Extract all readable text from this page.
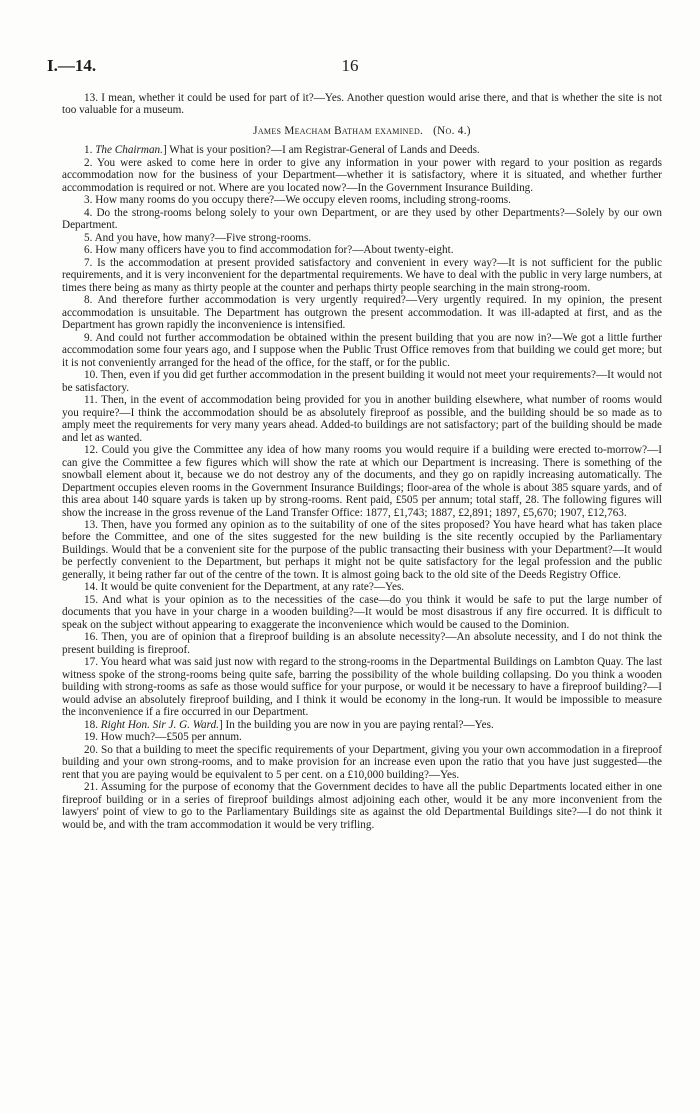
I.—14.	16

13. I mean, whether it could be used for part of it?—Yes. Another question would arise there, and that is whether the site is not too valuable for a museum.

James Meacham Batham examined. (No. 4.)

1. The Chairman.] What is your position?—I am Registrar-General of Lands and Deeds.

2. You were asked to come here in order to give any information in your power with regard to your position as regards accommodation now for the business of your Department—whether it is satisfactory, where it is situated, and whether further accommodation is required or not. Where are you located now?—In the Government Insurance Building.

3. How many rooms do you occupy there?—We occupy eleven rooms, including strong-rooms.

4. Do the strong-rooms belong solely to your own Department, or are they used by other Departments?—Solely by our own Department.

5. And you have, how many?—Five strong-rooms.

6. How many officers have you to find accommodation for?—About twenty-eight.

7. Is the accommodation at present provided satisfactory and convenient in every way?—It is not sufficient for the public requirements, and it is very inconvenient for the departmental requirements. We have to deal with the public in very large numbers, at times there being as many as thirty people at the counter and perhaps thirty people searching in the main strong-room.

8. And therefore further accommodation is very urgently required?—Very urgently required. In my opinion, the present accommodation is unsuitable. The Department has outgrown the present accommodation. It was ill-adapted at first, and as the Department has grown rapidly the inconvenience is intensified.

9. And could not further accommodation be obtained within the present building that you are now in?—We got a little further accommodation some four years ago, and I suppose when the Public Trust Office removes from that building we could get more; but it is not conveniently arranged for the head of the office, for the staff, or for the public.

10. Then, even if you did get further accommodation in the present building it would not meet your requirements?—It would not be satisfactory.

11. Then, in the event of accommodation being provided for you in another building elsewhere, what number of rooms would you require?—I think the accommodation should be as absolutely fireproof as possible, and the building should be so made as to amply meet the requirements for very many years ahead. Added-to buildings are not satisfactory; part of the building should be made and let as wanted.

12. Could you give the Committee any idea of how many rooms you would require if a building were erected to-morrow?—I can give the Committee a few figures which will show the rate at which our Department is increasing. There is something of the snowball element about it, because we do not destroy any of the documents, and they go on rapidly increasing automatically. The Department occupies eleven rooms in the Government Insurance Buildings; floor-area of the whole is about 385 square yards, and of this area about 140 square yards is taken up by strong-rooms. Rent paid, £505 per annum; total staff, 28. The following figures will show the increase in the gross revenue of the Land Transfer Office: 1877, £1,743; 1887, £2,891; 1897, £5,670; 1907, £12,763.

13. Then, have you formed any opinion as to the suitability of one of the sites proposed? You have heard what has taken place before the Committee, and one of the sites suggested for the new building is the site recently occupied by the Parliamentary Buildings. Would that be a convenient site for the purpose of the public transacting their business with your Department?—It would be perfectly convenient to the Department, but perhaps it might not be quite satisfactory for the legal profession and the public generally, it being rather far out of the centre of the town. It is almost going back to the old site of the Deeds Registry Office.

14. It would be quite convenient for the Department, at any rate?—Yes.

15. And what is your opinion as to the necessities of the case—do you think it would be safe to put the large number of documents that you have in your charge in a wooden building?—It would be most disastrous if any fire occurred. It is difficult to speak on the subject without appearing to exaggerate the inconvenience which would be caused to the Dominion.

16. Then, you are of opinion that a fireproof building is an absolute necessity?—An absolute necessity, and I do not think the present building is fireproof.

17. You heard what was said just now with regard to the strong-rooms in the Departmental Buildings on Lambton Quay. The last witness spoke of the strong-rooms being quite safe, barring the possibility of the whole building collapsing. Do you think a wooden building with strong-rooms as safe as those would suffice for your purpose, or would it be necessary to have a fireproof building?—I would advise an absolutely fireproof building, and I think it would be economy in the long-run. It would be impossible to measure the inconvenience if a fire occurred in our Department.

18. Right Hon. Sir J. G. Ward.] In the building you are now in you are paying rental?—Yes.

19. How much?—£505 per annum.

20. So that a building to meet the specific requirements of your Department, giving you your own accommodation in a fireproof building and your own strong-rooms, and to make provision for an increase even upon the ratio that you have just suggested—the rent that you are paying would be equivalent to 5 per cent. on a £10,000 building?—Yes.

21. Assuming for the purpose of economy that the Government decides to have all the public Departments located either in one fireproof building or in a series of fireproof buildings almost adjoining each other, would it be any more inconvenient from the lawyers' point of view to go to the Parliamentary Buildings site as against the old Departmental Buildings site?—I do not think it would be, and with the tram accommodation it would be very trifling.
